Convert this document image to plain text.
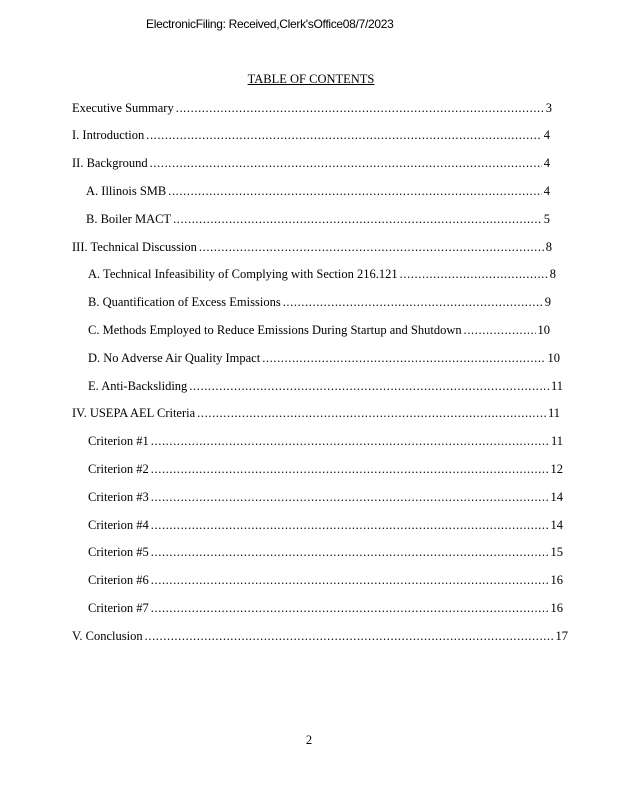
ElectronicFiling: Received,Clerk'sOffice08/7/2023
TABLE OF CONTENTS
Executive Summary .....	3
I. Introduction .....	4
II. Background .....	4
A. Illinois SMB .....	4
B. Boiler MACT .....	5
III. Technical Discussion .....	8
A. Technical Infeasibility of Complying with Section 216.121 .....	8
B. Quantification of Excess Emissions .....	9
C. Methods Employed to Reduce Emissions During Startup and Shutdown .....	10
D. No Adverse Air Quality Impact .....	10
E. Anti-Backsliding .....	11
IV. USEPA AEL Criteria .....	11
Criterion #1 .....	11
Criterion #2 .....	12
Criterion #3 .....	14
Criterion #4 .....	14
Criterion #5 .....	15
Criterion #6 .....	16
Criterion #7 .....	16
V. Conclusion .....	17
2
